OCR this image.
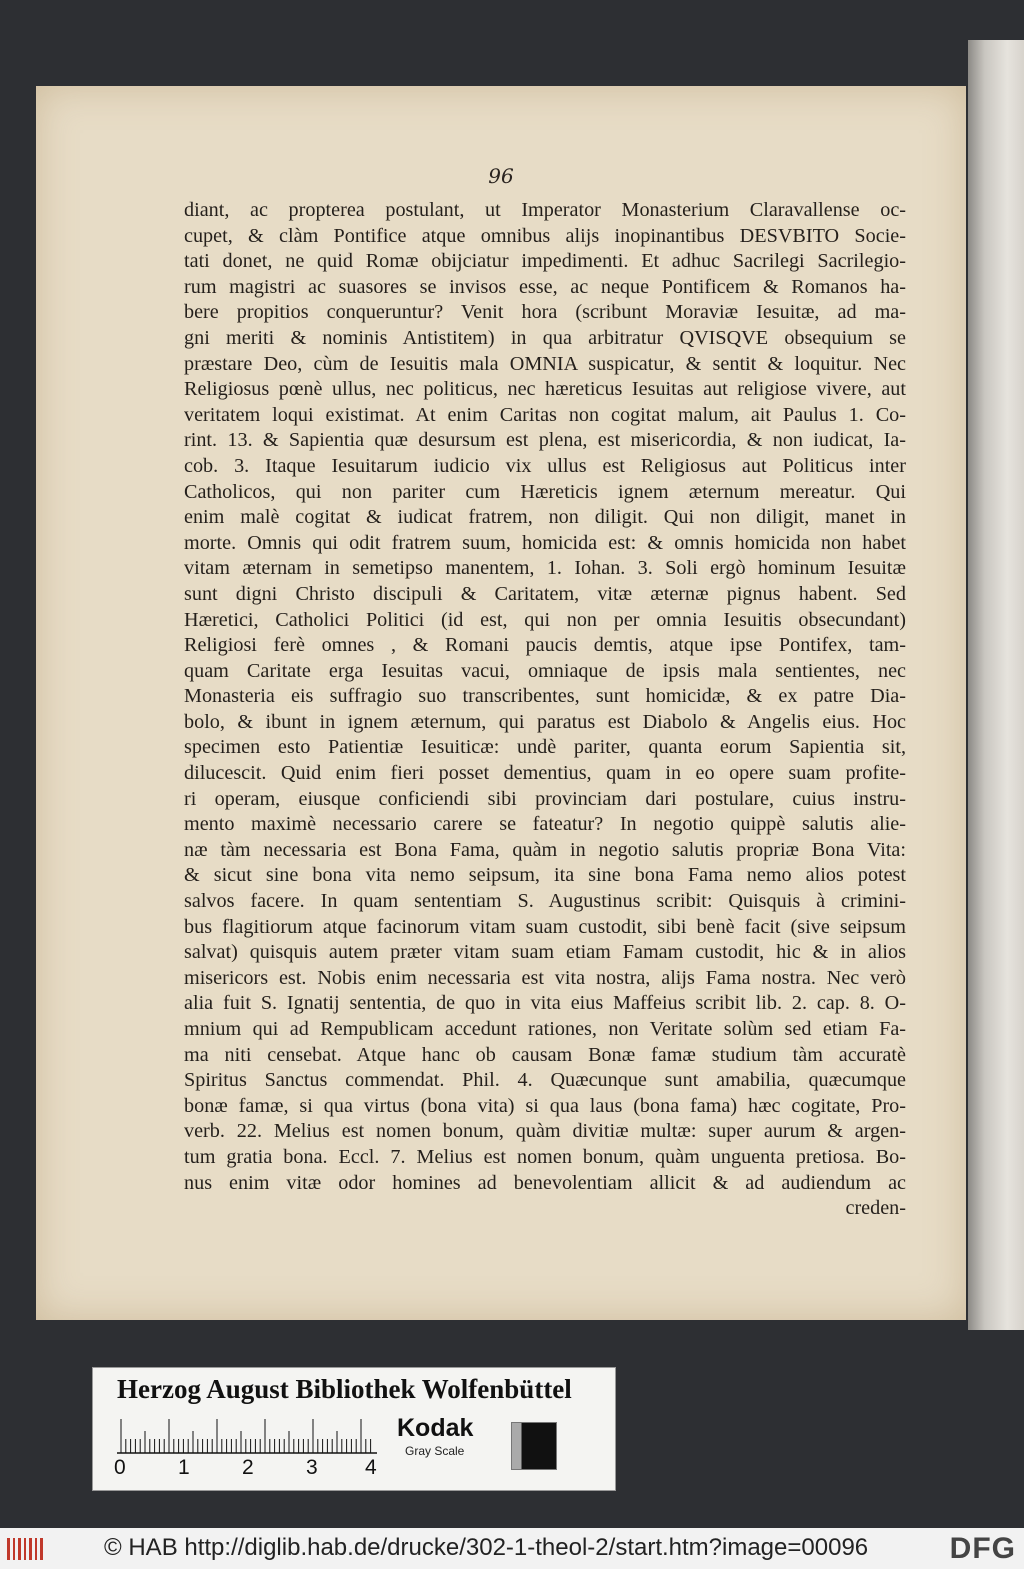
96
diant, ac propterea postulant, ut Imperator Monasterium Claravallense oc-
cupet, & clàm Pontifice atque omnibus alijs inopinantibus DESVBITO Socie-
tati donet, ne quid Romæ obijciatur impedimenti. Et adhuc Sacrilegi Sacrilegio-
rum magistri ac suasores se invisos esse, ac neque Pontificem & Romanos ha-
bere propitios conqueruntur? Venit hora (scribunt Moraviæ Iesuitæ, ad ma-
gni meriti & nominis Antistitem) in qua arbitratur QVISQVE obsequium se
præstare Deo, cùm de Iesuitis mala OMNIA suspicatur, & sentit & loquitur. Nec
Religiosus pœnè ullus, nec politicus, nec hæreticus Iesuitas aut religiose vivere, aut
veritatem loqui existimat. At enim Caritas non cogitat malum, ait Paulus 1. Co-
rint. 13. & Sapientia quæ desursum est plena, est misericordia, & non iudicat, Ia-
cob. 3. Itaque Iesuitarum iudicio vix ullus est Religiosus aut Politicus inter
Catholicos, qui non pariter cum Hæreticis ignem æternum mereatur. Qui
enim malè cogitat & iudicat fratrem, non diligit. Qui non diligit, manet in
morte. Omnis qui odit fratrem suum, homicida est: & omnis homicida non habet
vitam æternam in semetipso manentem, 1. Iohan. 3. Soli ergò hominum Iesuitæ
sunt digni Christo discipuli & Caritatem, vitæ æternæ pignus habent. Sed
Hæretici, Catholici Politici (id est, qui non per omnia Iesuitis obsecundant)
Religiosi ferè omnes , & Romani paucis demtis, atque ipse Pontifex, tam-
quam Caritate erga Iesuitas vacui, omniaque de ipsis mala sentientes, nec
Monasteria eis suffragio suo transcribentes, sunt homicidæ, & ex patre Dia-
bolo, & ibunt in ignem æternum, qui paratus est Diabolo & Angelis eius. Hoc
specimen esto Patientiæ Iesuiticæ: undè pariter, quanta eorum Sapientia sit,
dilucescit. Quid enim fieri posset dementius, quam in eo opere suam profite-
ri operam, eiusque conficiendi sibi provinciam dari postulare, cuius instru-
mento maximè necessario carere se fateatur? In negotio quippè salutis alie-
næ tàm necessaria est Bona Fama, quàm in negotio salutis propriæ Bona Vita:
& sicut sine bona vita nemo seipsum, ita sine bona Fama nemo alios potest
salvos facere. In quam sententiam S. Augustinus scribit: Quisquis à crimini-
bus flagitiorum atque facinorum vitam suam custodit, sibi benè facit (sive seipsum
salvat) quisquis autem præter vitam suam etiam Famam custodit, hic & in alios
misericors est. Nobis enim necessaria est vita nostra, alijs Fama nostra. Nec verò
alia fuit S. Ignatij sententia, de quo in vita eius Maffeius scribit lib. 2. cap. 8. O-
mnium qui ad Rempublicam accedunt rationes, non Veritate solùm sed etiam Fa-
ma niti censebat. Atque hanc ob causam Bonæ famæ studium tàm accuratè
Spiritus Sanctus commendat. Phil. 4. Quæcunque sunt amabilia, quæcumque
bonæ famæ, si qua virtus (bona vita) si qua laus (bona fama) hæc cogitate, Pro-
verb. 22. Melius est nomen bonum, quàm divitiæ multæ: super aurum & argen-
tum gratia bona. Eccl. 7. Melius est nomen bonum, quàm unguenta pretiosa. Bo-
nus enim vitæ odor homines ad benevolentiam allicit & ad audiendum ac
creden-
Herzog August Bibliothek Wolfenbüttel
0 1 2 3 4
Kodak
Gray Scale
© HAB http://diglib.hab.de/drucke/302-1-theol-2/start.htm?image=00096	DFG
